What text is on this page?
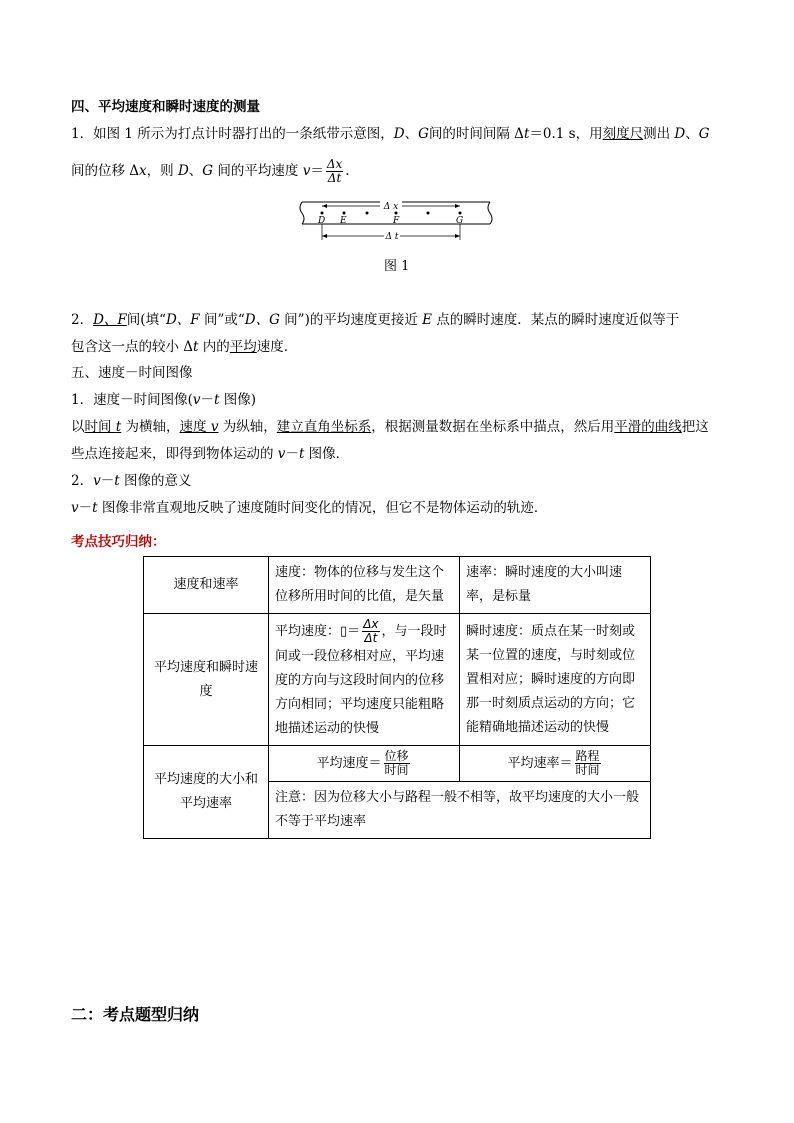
四、平均速度和瞬时速度的测量
1．如图 1 所示为打点计时器打出的一条纸带示意图，D、G间的时间间隔 Δt＝0.1 s，用刻度尺测出 D、G
间的位移 Δx，则 D、G 间的平均速度 $v= \frac{\Delta x}{\Delta t}$ .
Δ x
D E	F	G
Δ t
图 1
2．D、F间(填“D、F 间”或“D、G 间”)的平均速度更接近 E 点的瞬时速度．某点的瞬时速度近似等于
包含这一点的较小 Δt 内的平均速度．
五、速度－时间图像
1．速度－时间图像(v－t 图像)
以时间 t 为横轴，速度 v 为纵轴，建立直角坐标系，根据测量数据在坐标系中描点，然后用平滑的曲线把这
些点连接起来，即得到物体运动的 v－t 图像．
2．v－t 图像的意义
v－t 图像非常直观地反映了速度随时间变化的情况，但它不是物体运动的轨迹．
考点技巧归纳：
速度和速率	速度：物体的位移与发生这个位移所用时间的比值，是矢量	速率：瞬时速度的大小叫速率，是标量
平均速度和瞬时速度	平均速度：▯＝ $\frac{\Delta x}{\Delta t}$ ，与一段时间或一段位移相对应，平均速度的方向与这段时间内的位移方向相同；平均速度只能粗略地描述运动的快慢	瞬时速度：质点在某一时刻或某一位置的速度，与时刻或位置相对应；瞬时速度的方向即那一时刻质点运动的方向；它能精确地描述运动的快慢
平均速度的大小和平均速率	平均速度＝ $\frac{\text{位移}}{\text{时间}}$	平均速率＝ $\frac{\text{路程}}{\text{时间}}$

	注意：因为位移大小与路程一般不相等，故平均速度的大小一般不等于平均速率	
二：考点题型归纳
